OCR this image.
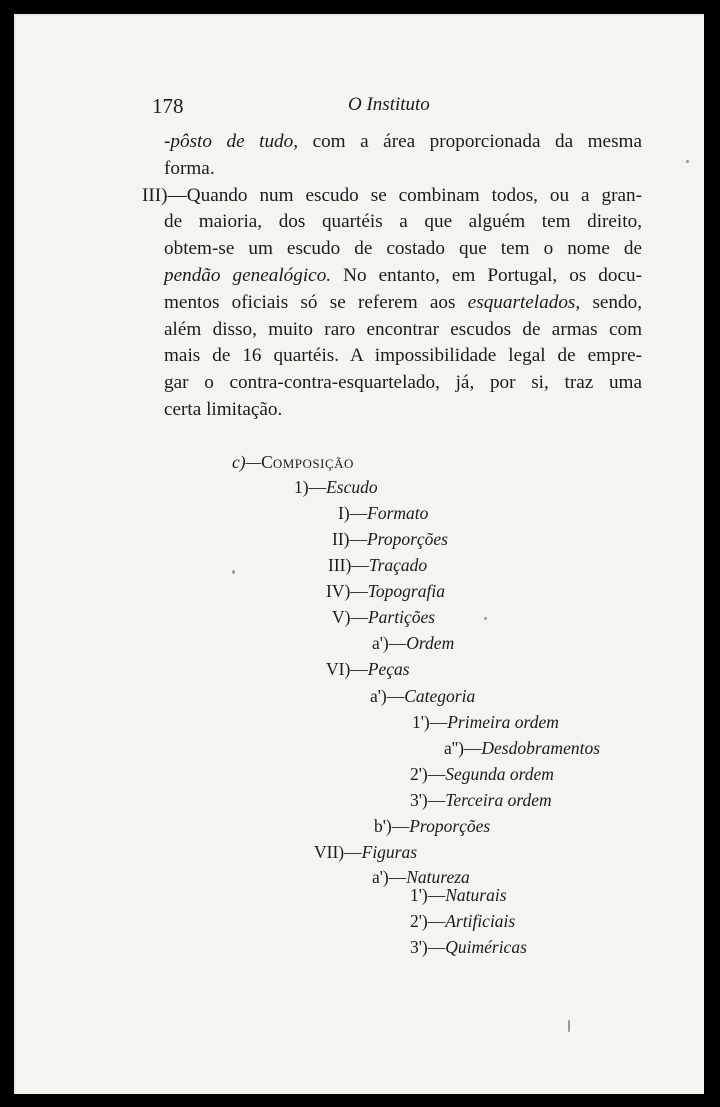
178	O Instituto
-pôsto de tudo, com a área proporcionada da mesma
forma.
III)—Quando num escudo se combinam todos, ou a gran-
de maioria, dos quartéis a que alguém tem direito,
obtem-se um escudo de costado que tem o nome de
pendão genealógico. No entanto, em Portugal, os docu-
mentos oficiais só se referem aos esquartelados, sendo,
além disso, muito raro encontrar escudos de armas com
mais de 16 quartéis. A impossibilidade legal de empre-
gar o contra-contra-esquartelado, já, por si, traz uma
certa limitação.
c)—COMPOSIÇÃO
1)—Escudo
I)—Formato
II)—Proporções
III)—Traçado
IV)—Topografia
V)—Partições
a')—Ordem
VI)—Peças
a')—Categoria
1')—Primeira ordem
a'')—Desdobramentos
2')—Segunda ordem
3')—Terceira ordem
b')—Proporções
VII)—Figuras
a')—Natureza
1')—Naturais
2')—Artificiais
3')—Quiméricas
